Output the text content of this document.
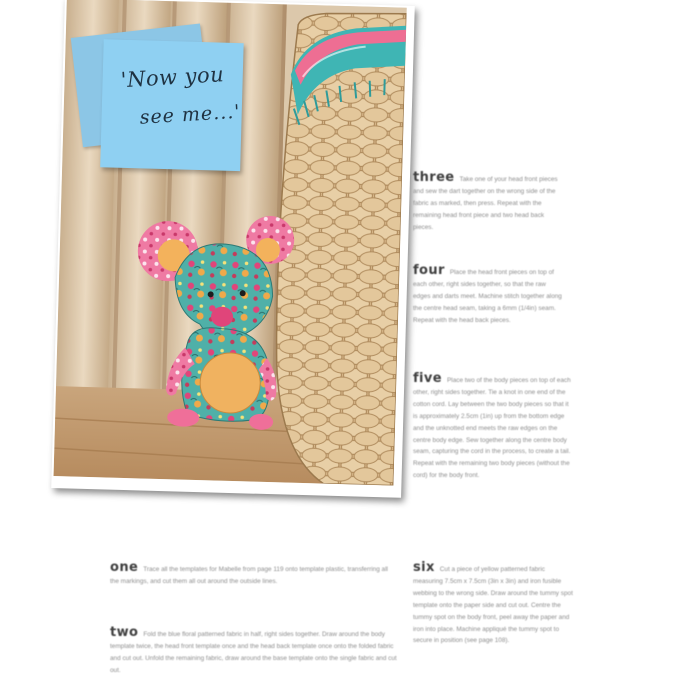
'Now you
see me...'

three Take one of your head front pieces and sew the dart together on the wrong side of the fabric as marked, then press. Repeat with the remaining head front piece and two head back pieces.

four Place the head front pieces on top of each other, right sides together, so that the raw edges and darts meet. Machine stitch together along the centre head seam, taking a 6mm (1/4in) seam. Repeat with the head back pieces.

five Place two of the body pieces on top of each other, right sides together. Tie a knot in one end of the cotton cord. Lay between the two body pieces so that it is approximately 2.5cm (1in) up from the bottom edge and the unknotted end meets the raw edges on the centre body edge. Sew together along the centre body seam, capturing the cord in the process, to create a tail. Repeat with the remaining two body pieces (without the cord) for the body front.

one Trace all the templates for Mabelle from page 119 onto template plastic, transferring all the markings, and cut them all out around the outside lines.

two Fold the blue floral patterned fabric in half, right sides together. Draw around the body template twice, the head front template once and the head back template once onto the folded fabric and cut out. Unfold the remaining fabric, draw around the base template onto the single fabric and cut out.

six Cut a piece of yellow patterned fabric measuring 7.5cm x 7.5cm (3in x 3in) and iron fusible webbing to the wrong side. Draw around the tummy spot template onto the paper side and cut out. Centre the tummy spot on the body front, peel away the paper and iron into place. Machine appliqué the tummy spot to secure in position (see page 108).
